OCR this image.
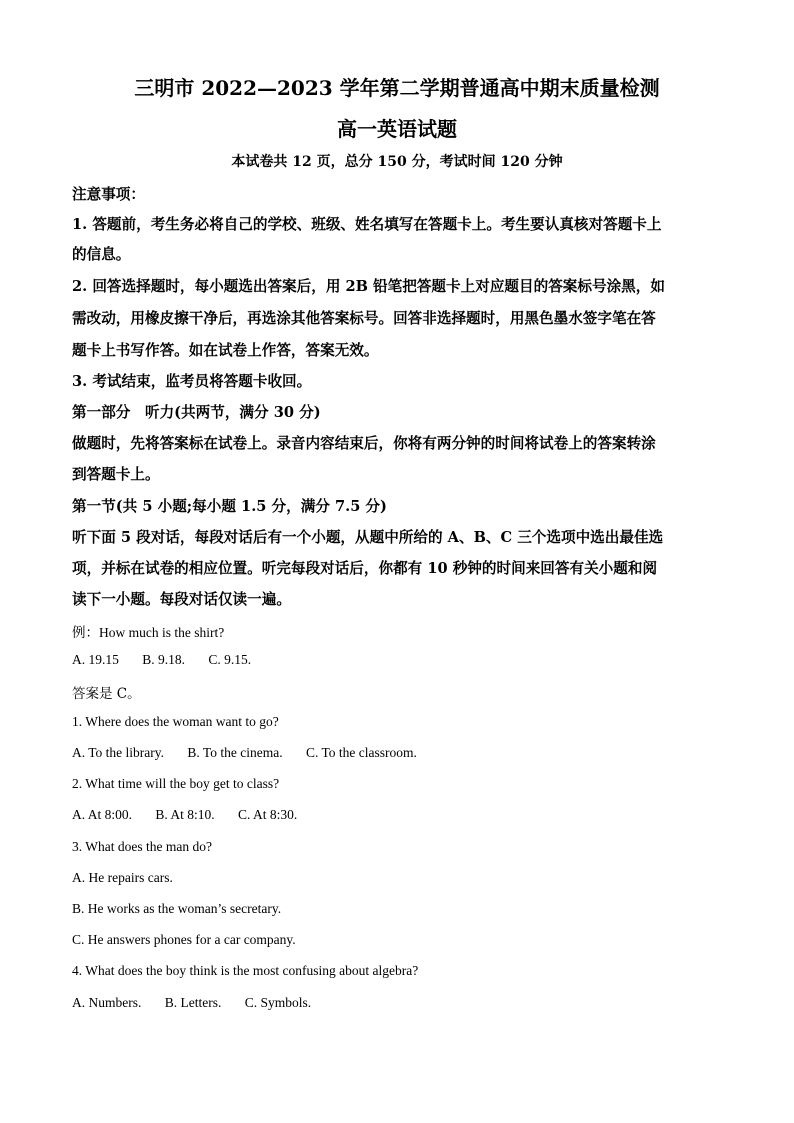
三明市 2022—2023 学年第二学期普通高中期末质量检测
高一英语试题
本试卷共 12 页，总分 150 分，考试时间 120 分钟
注意事项：
1. 答题前，考生务必将自己的学校、班级、姓名填写在答题卡上。考生要认真核对答题卡上
的信息。
2. 回答选择题时，每小题选出答案后，用 2B 铅笔把答题卡上对应题目的答案标号涂黑，如
需改动，用橡皮擦干净后，再选涂其他答案标号。回答非选择题时，用黑色墨水签字笔在答
题卡上书写作答。如在试卷上作答，答案无效。
3. 考试结束，监考员将答题卡收回。
第一部分　听力(共两节，满分 30 分)
做题时，先将答案标在试卷上。录音内容结束后，你将有两分钟的时间将试卷上的答案转涂
到答题卡上。
第一节(共 5 小题;每小题 1.5 分，满分 7.5 分)
听下面 5 段对话，每段对话后有一个小题，从题中所给的 A、B、C 三个选项中选出最佳选
项，并标在试卷的相应位置。听完每段对话后，你都有 10 秒钟的时间来回答有关小题和阅
读下一小题。每段对话仅读一遍。
例：How much is the shirt?
A. 19.15 B. 9.18. C. 9.15.
答案是 C。
1. Where does the woman want to go?
A. To the library. B. To the cinema. C. To the classroom.
2. What time will the boy get to class?
A. At 8:00. B. At 8:10. C. At 8:30.
3. What does the man do?
A. He repairs cars.
B. He works as the woman’s secretary.
C. He answers phones for a car company.
4. What does the boy think is the most confusing about algebra?
A. Numbers. B. Letters. C. Symbols.
